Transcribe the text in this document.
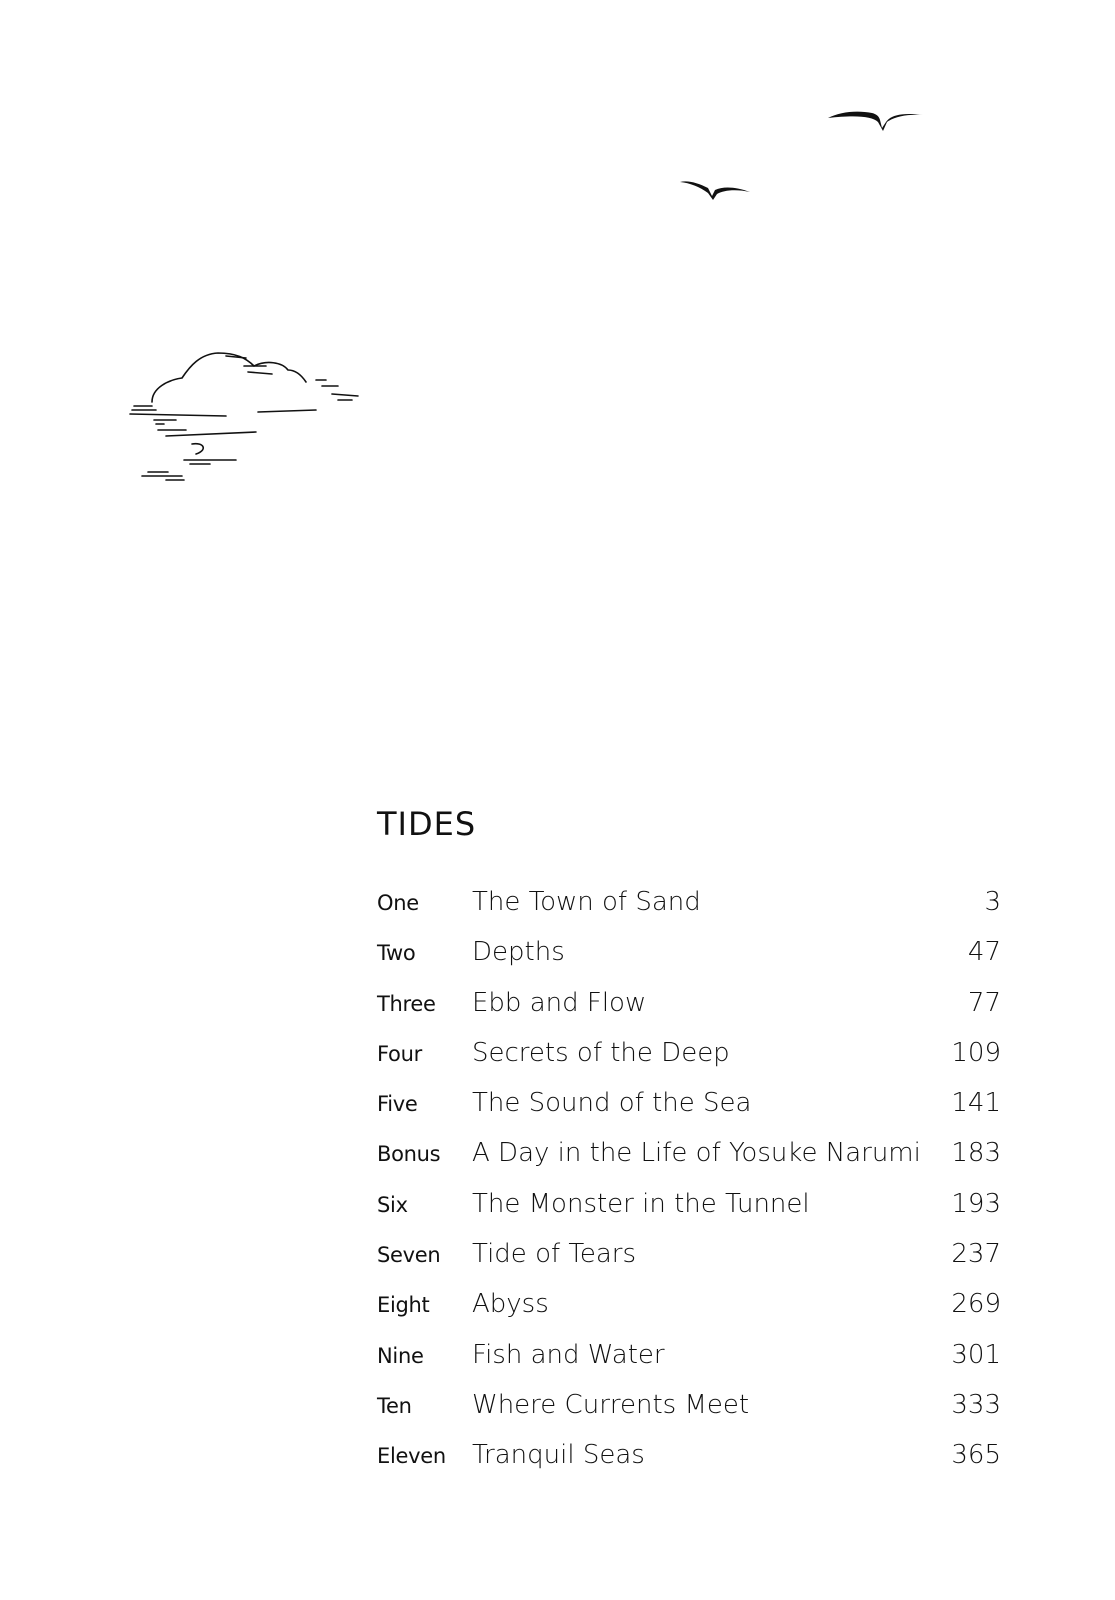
TIDES
One	The Town of Sand	3
Two	Depths	47
Three	Ebb and Flow	77
Four	Secrets of the Deep	109
Five	The Sound of the Sea	141
Bonus	A Day in the Life of Yosuke Narumi	183
Six	The Monster in the Tunnel	193
Seven	Tide of Tears	237
Eight	Abyss	269
Nine	Fish and Water	301
Ten	Where Currents Meet	333
Eleven	Tranquil Seas	365
